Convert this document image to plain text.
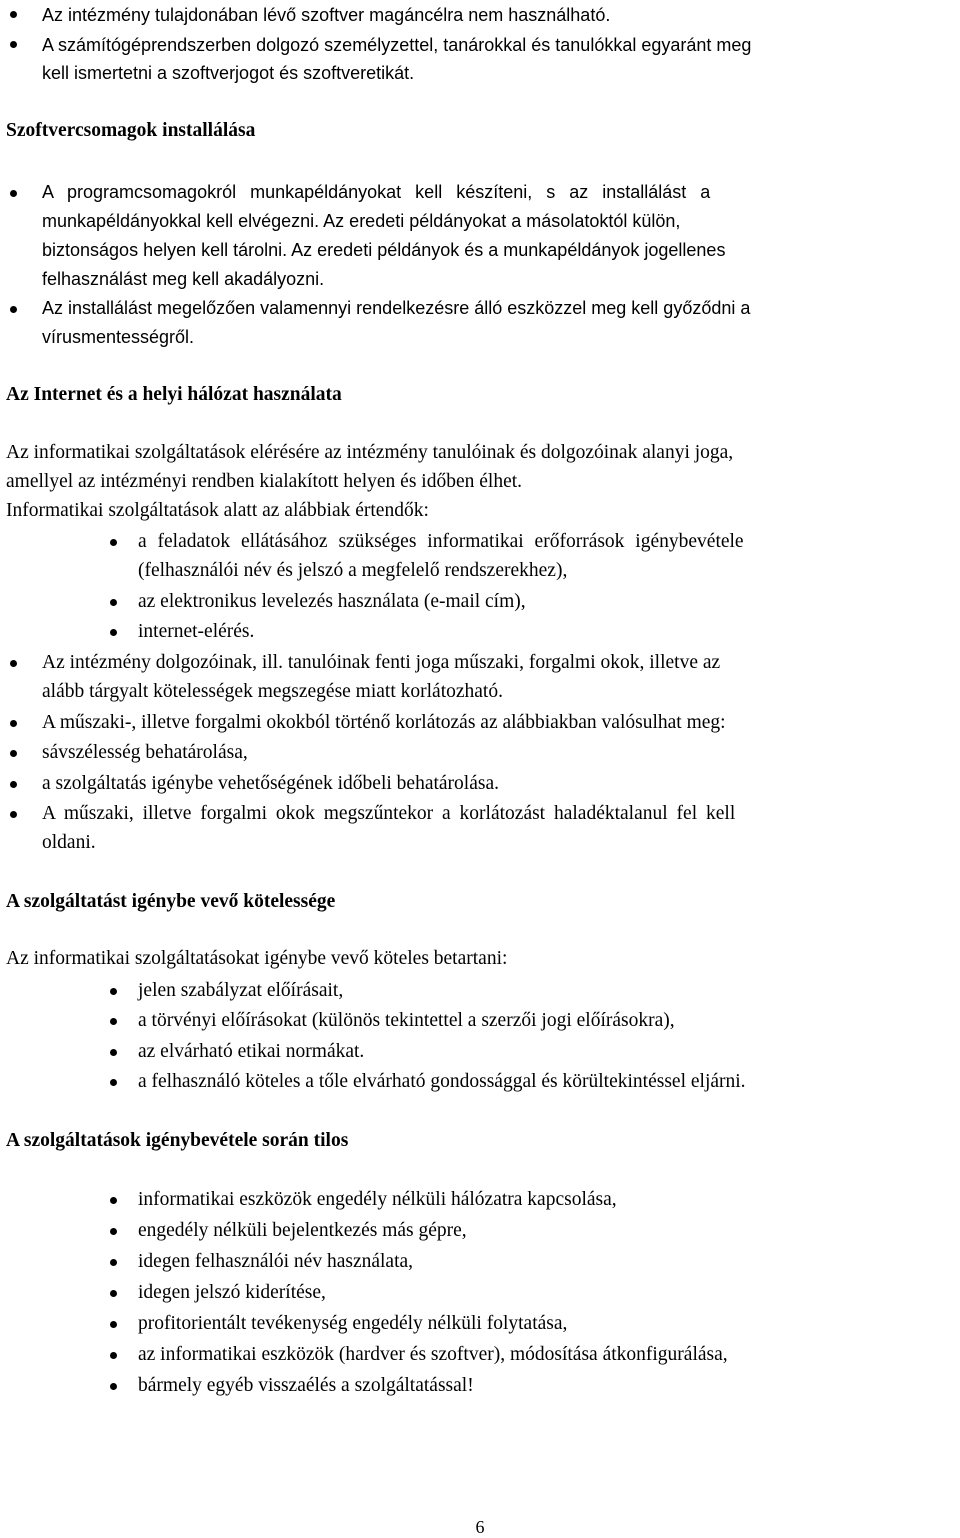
Az intézmény tulajdonában lévő szoftver magáncélra nem használható.
A számítógéprendszerben dolgozó személyzettel, tanárokkal és tanulókkal egyaránt meg
kell ismertetni a szoftverjogot és szoftveretikát.
Szoftvercsomagok installálása
A programcsomagokról munkapéldányokat kell készíteni, s az installálást a
munkapéldányokkal kell elvégezni. Az eredeti példányokat a másolatoktól külön,
biztonságos helyen kell tárolni. Az eredeti példányok és a munkapéldányok jogellenes
felhasználást meg kell akadályozni.
Az installálást megelőzően valamennyi rendelkezésre álló eszközzel meg kell győződni a
vírusmentességről.
Az Internet és a helyi hálózat használata
Az informatikai szolgáltatások elérésére az intézmény tanulóinak és dolgozóinak alanyi joga,
amellyel az intézményi rendben kialakított helyen és időben élhet.
Informatikai szolgáltatások alatt az alábbiak értendők:
a feladatok ellátásához szükséges informatikai erőforrások igénybevétele
(felhasználói név és jelszó a megfelelő rendszerekhez),
az elektronikus levelezés használata (e-mail cím),
internet-elérés.
Az intézmény dolgozóinak, ill. tanulóinak fenti joga műszaki, forgalmi okok, illetve az
alább tárgyalt kötelességek megszegése miatt korlátozható.
A műszaki-, illetve forgalmi okokból történő korlátozás az alábbiakban valósulhat meg:
sávszélesség behatárolása,
a szolgáltatás igénybe vehetőségének időbeli behatárolása.
A műszaki, illetve forgalmi okok megszűntekor a korlátozást haladéktalanul fel kell
oldani.
A szolgáltatást igénybe vevő kötelessége
Az informatikai szolgáltatásokat igénybe vevő köteles betartani:
jelen szabályzat előírásait,
a törvényi előírásokat (különös tekintettel a szerzői jogi előírásokra),
az elvárható etikai normákat.
a felhasználó köteles a tőle elvárható gondossággal és körültekintéssel eljárni.
A szolgáltatások igénybevétele során tilos
informatikai eszközök engedély nélküli hálózatra kapcsolása,
engedély nélküli bejelentkezés más gépre,
idegen felhasználói név használata,
idegen jelszó kiderítése,
profitorientált tevékenység engedély nélküli folytatása,
az informatikai eszközök (hardver és szoftver), módosítása átkonfigurálása,
bármely egyéb visszaélés a szolgáltatással!
6
